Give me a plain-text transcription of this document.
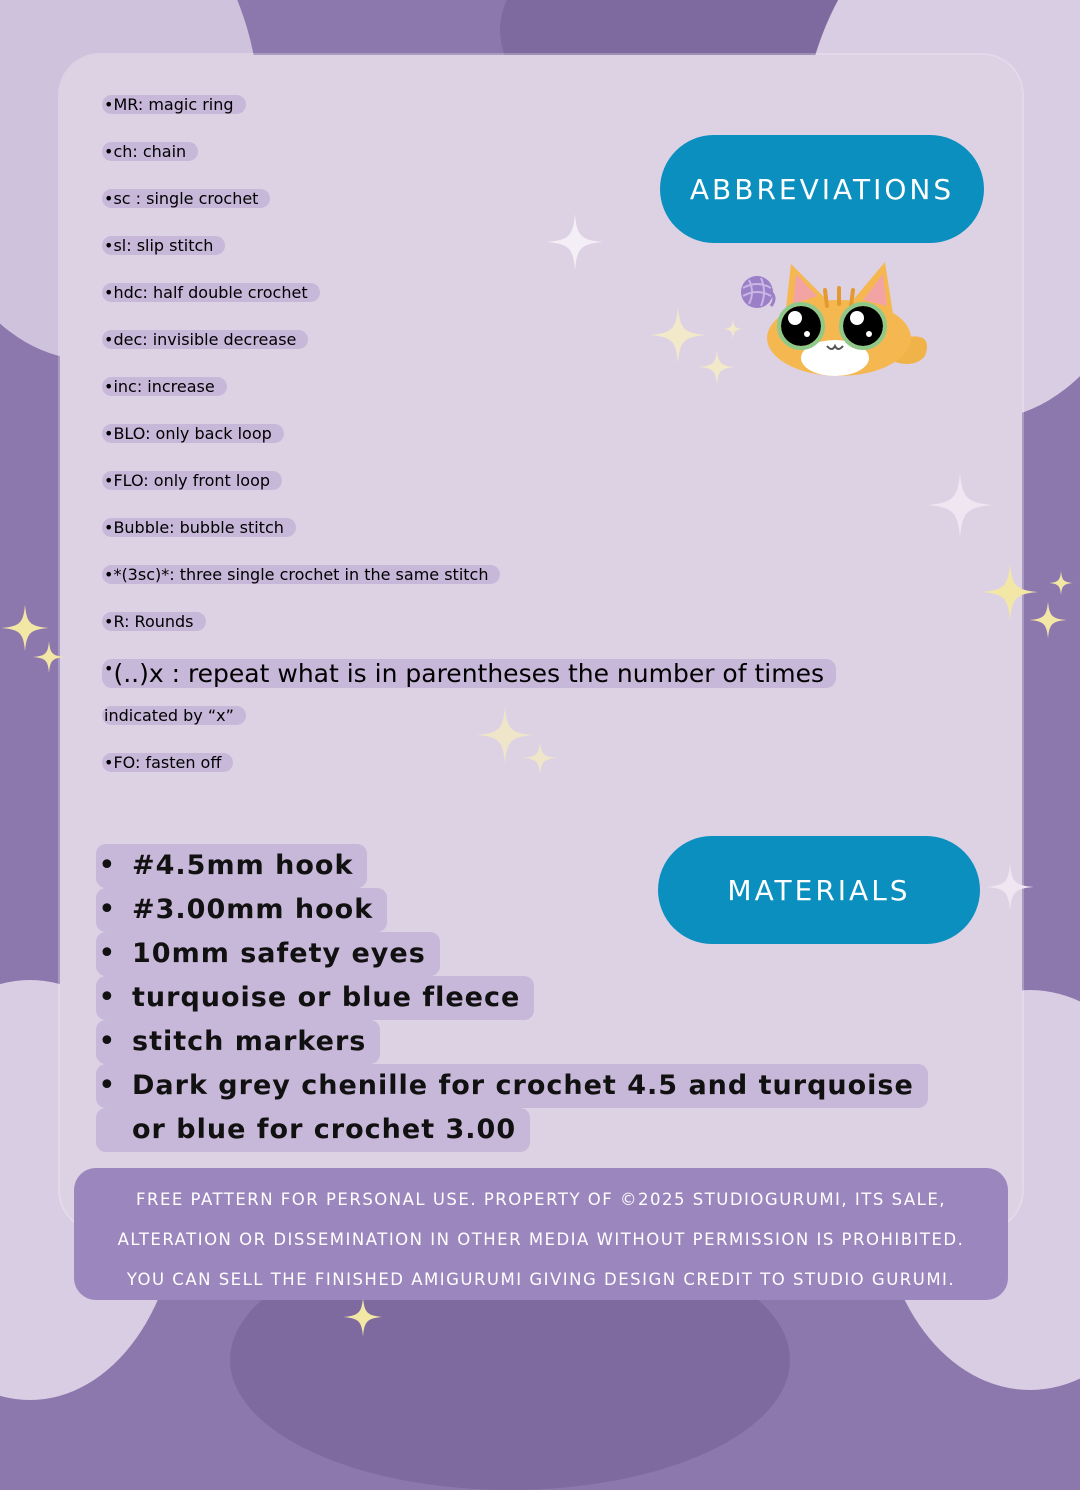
ABBREVIATIONS
• MR: magic ring
• ch: chain
• sc : single crochet
• sl: slip stitch
• hdc: half double crochet
• dec: invisible decrease
• inc: increase
• BLO: only back loop
• FLO: only front loop
• Bubble: bubble stitch
• *(3sc)*: three single crochet in the same stitch
• R: Rounds
• (..)x : repeat what is in parentheses the number of times
indicated by “x”
• FO: fasten off
MATERIALS
• #4.5mm hook
• #3.00mm hook
• 10mm safety eyes
• turquoise or blue fleece
• stitch markers
• Dark grey chenille for crochet 4.5 and turquoise
or blue for crochet 3.00
FREE PATTERN FOR PERSONAL USE. PROPERTY OF ©2025 STUDIOGURUMI, ITS SALE,
ALTERATION OR DISSEMINATION IN OTHER MEDIA WITHOUT PERMISSION IS PROHIBITED.
YOU CAN SELL THE FINISHED AMIGURUMI GIVING DESIGN CREDIT TO STUDIO GURUMI.
